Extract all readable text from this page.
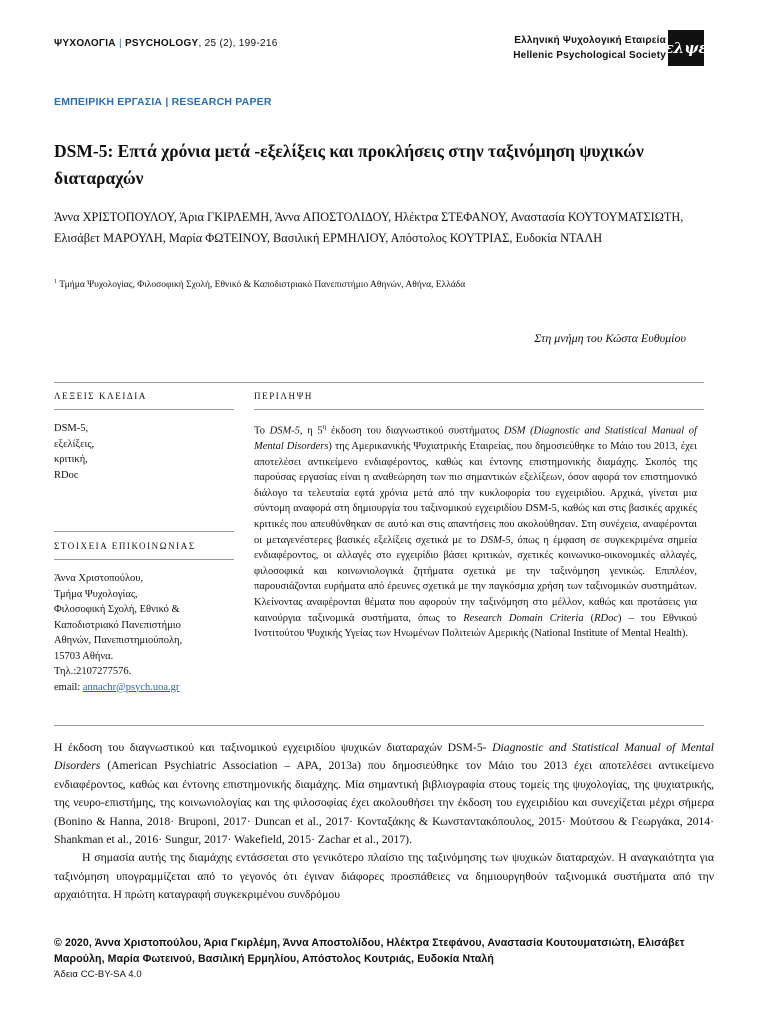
ΨΥΧΟΛΟΓΙΑ | PSYCHOLOGY, 25 (2), 199-216	Ελληνική Ψυχολογική Εταιρεία
Hellenic Psychological Society
ελψε
ΕΜΠΕΙΡΙΚΗ ΕΡΓΑΣΙΑ | RESEARCH PAPER
DSM-5: Επτά χρόνια μετά -εξελίξεις και προκλήσεις στην ταξινόμηση ψυχικών διαταραχών
Άννα ΧΡΙΣΤΟΠΟΥΛΟΥ, Άρια ΓΚΙΡΛΕΜΗ, Άννα ΑΠΟΣΤΟΛΙΔΟΥ, Ηλέκτρα ΣΤΕΦΑΝΟΥ, Αναστασία ΚΟΥΤΟΥΜΑΤΣΙΩΤΗ, Ελισάβετ ΜΑΡΟΥΛΗ, Μαρία ΦΩΤΕΙΝΟΥ, Βασιλική ΕΡΜΗΛΙΟΥ, Απόστολος ΚΟΥΤΡΙΑΣ, Ευδοκία ΝΤΑΛΗ
$^1$ Τμήμα Ψυχολογίας, Φιλοσοφική Σχολή, Εθνικό & Καποδιστριακό Πανεπιστήμιο Αθηνών, Αθήνα, Ελλάδα
Στη μνήμη του Κώστα Ευθυμίου
ΛΕΞΕΙΣ ΚΛΕΙΔΙΑ
DSM-5,
εξελίξεις,
κριτική,
RDoc
ΣΤΟΙΧΕΙΑ ΕΠΙΚΟΙΝΩΝΙΑΣ
Άννα Χριστοπούλου,
Τμήμα Ψυχολογίας,
Φιλοσοφική Σχολή, Εθνικό &
Καποδιστριακό Πανεπιστήμιο
Αθηνών, Πανεπιστημιούπολη,
15703 Αθήνα.
Τηλ.:2107277576.
email: annachr@psych.uoa.gr
ΠΕΡΙΛΗΨΗ
Το DSM-5, η $5^\eta$ έκδοση του διαγνωστικού συστήματος DSM (Diagnostic and Statistical Manual of Mental Disorders) της Αμερικανικής Ψυχιατρικής Εταιρείας, που δημοσιεύθηκε το Μάιο του 2013, έχει αποτελέσει αντικείμενο ενδιαφέροντος, καθώς και έντονης επιστημονικής διαμάχης. Σκοπός της παρούσας εργασίας είναι η αναθεώρηση των πιο σημαντικών εξελίξεων, όσον αφορά τον επιστημονικό διάλογο τα τελευταία εφτά χρόνια μετά από την κυκλοφορία του εγχειριδίου. Αρχικά, γίνεται μια σύντομη αναφορά στη δημιουργία του ταξινομικού εγχειριδίου DSM-5, καθώς και στις βασικές αρχικές κριτικές που απευθύνθηκαν σε αυτό και στις απαντήσεις που ακολούθησαν. Στη συνέχεια, αναφέρονται οι μεταγενέστερες βασικές εξελίξεις σχετικά με το DSM-5, όπως η έμφαση σε συγκεκριμένα σημεία ενδιαφέροντος, οι αλλαγές στο εγχειρίδιο βάσει κριτικών, σχετικές κοινωνικο-οικονομικές αλλαγές, φιλοσοφικά και κοινωνιολογικά ζητήματα σχετικά με την ταξινόμηση γενικώς. Επιπλέον, παρουσιάζονται ευρήματα από έρευνες σχετικά με την παγκόσμια χρήση των ταξινομικών συστημάτων. Κλείνοντας αναφέρονται θέματα που αφορούν την ταξινόμηση στο μέλλον, καθώς και προτάσεις για καινούργια ταξινομικά συστήματα, όπως το Research Domain Criteria (RDoc) – του Εθνικού Ινστιτούτου Ψυχικής Υγείας των Ηνωμένων Πολιτειών Αμερικής (National Institute of Mental Health).

Η έκδοση του διαγνωστικού και ταξινομικού εγχειριδίου ψυχικών διαταραχών DSM-5- Diagnostic and Statistical Manual of Mental Disorders (American Psychiatric Association – APA, 2013a) που δημοσιεύθηκε τον Μάιο του 2013 έχει αποτελέσει αντικείμενο ενδιαφέροντος, καθώς και έντονης επιστημονικής διαμάχης. Μία σημαντική βιβλιογραφία στους τομείς της ψυχολογίας, της ψυχιατρικής, της νευρο-επιστήμης, της κοινωνιολογίας και της φιλοσοφίας έχει ακολουθήσει την έκδοση του εγχειριδίου και συνεχίζεται μέχρι σήμερα (Bonino & Hanna, 2018· Bruponi, 2017· Duncan et al., 2017· Κονταξάκης & Κωνσταντακόπουλος, 2015· Μούτσου & Γεωργάκα, 2014· Shankman et al., 2016· Sungur, 2017· Wakefield, 2015· Zachar et al., 2017).

Η σημασία αυτής της διαμάχης εντάσσεται στο γενικότερο πλαίσιο της ταξινόμησης των ψυχικών διαταραχών. Η αναγκαιότητα για ταξινόμηση υπογραμμίζεται από το γεγονός ότι έγιναν διάφορες προσπάθειες να δημιουργηθούν ταξινομικά συστήματα από την αρχαιότητα. Η πρώτη καταγραφή συγκεκριμένου συνδρόμου

© 2020, Άννα Χριστοπούλου, Άρια Γκιρλέμη, Άννα Αποστολίδου, Ηλέκτρα Στεφάνου, Αναστασία Κουτουματσιώτη, Ελισάβετ Μαρούλη, Μαρία Φωτεινού, Βασιλική Ερμηλίου, Απόστολος Κουτριάς, Ευδοκία Νταλή
Άδεια CC-BY-SA 4.0
